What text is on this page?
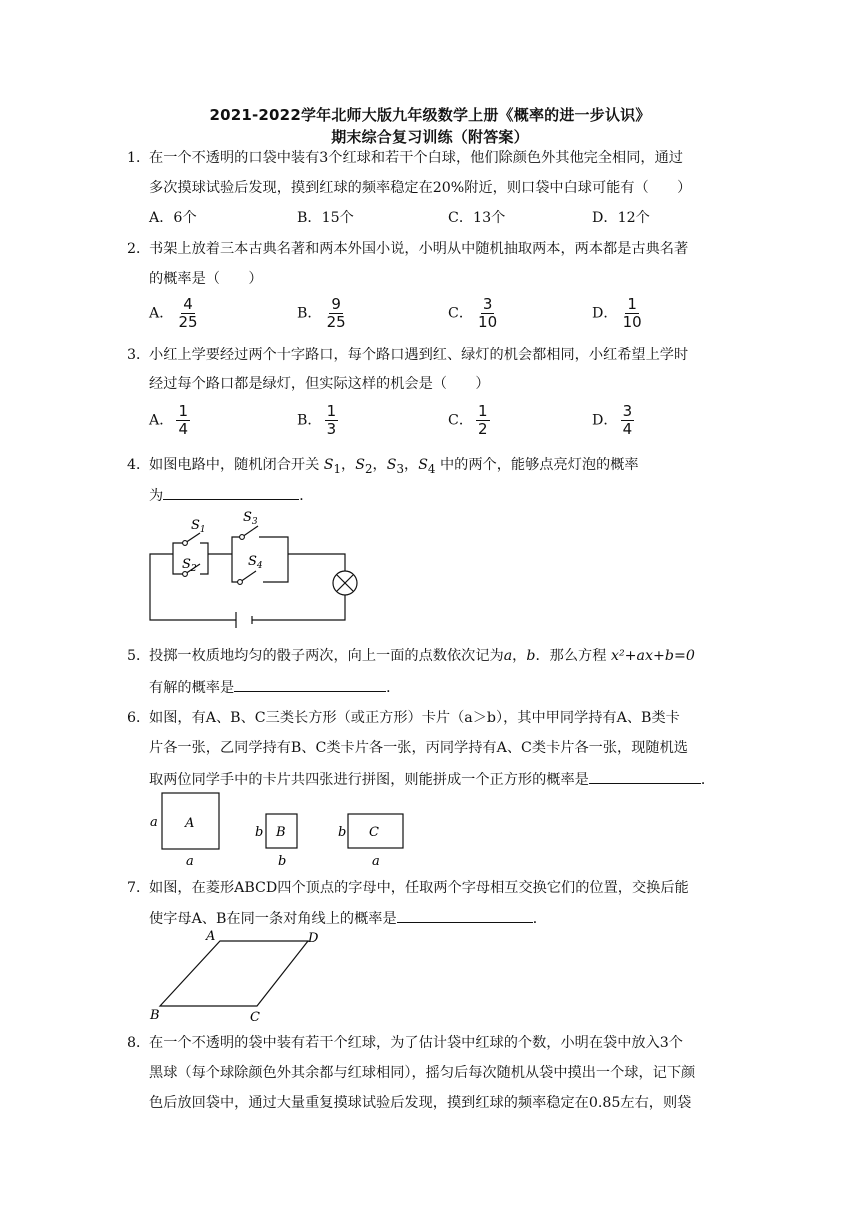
2021-2022学年北师大版九年级数学上册《概率的进一步认识》
期末综合复习训练（附答案）
1．在一个不透明的口袋中装有3个红球和若干个白球，他们除颜色外其他完全相同，通过
多次摸球试验后发现，摸到红球的频率稳定在20%附近，则口袋中白球可能有（　　）
A．6个	B．15个	C．13个	D．12个
2．书架上放着三本古典名著和两本外国小说，小明从中随机抽取两本，两本都是古典名著
的概率是（　　）
A． $\frac{4}{25}$	B． $\frac{9}{25}$	C． $\frac{3}{10}$	D． $\frac{1}{10}$
3．小红上学要经过两个十字路口，每个路口遇到红、绿灯的机会都相同，小红希望上学时
经过每个路口都是绿灯，但实际这样的机会是（　　）
A． $\frac{1}{4}$	B． $\frac{1}{3}$	C． $\frac{1}{2}$	D． $\frac{3}{4}$
4．如图电路中，随机闭合开关 $S_1$，$S_2$，$S_3$，$S_4$ 中的两个，能够点亮灯泡的概率
为	．
$S_1$
$S_2$
$S_3$
$S_4$
5．投掷一枚质地均匀的骰子两次，向上一面的点数依次记为a，b．那么方程 x²+ax+b=0
有解的概率是	．
6．如图，有A、B、C三类长方形（或正方形）卡片（a＞b），其中甲同学持有A、B类卡
片各一张，乙同学持有B、C类卡片各一张，丙同学持有A、C类卡片各一张，现随机选
取两位同学手中的卡片共四张进行拼图，则能拼成一个正方形的概率是	．
A
a
a
B
b
b
C
b
a
7．如图，在菱形ABCD四个顶点的字母中，任取两个字母相互交换它们的位置，交换后能
使字母A、B在同一条对角线上的概率是	．
A	D
B	C
8．在一个不透明的袋中装有若干个红球，为了估计袋中红球的个数，小明在袋中放入3个
黑球（每个球除颜色外其余都与红球相同），摇匀后每次随机从袋中摸出一个球，记下颜
色后放回袋中，通过大量重复摸球试验后发现，摸到红球的频率稳定在0.85左右，则袋
